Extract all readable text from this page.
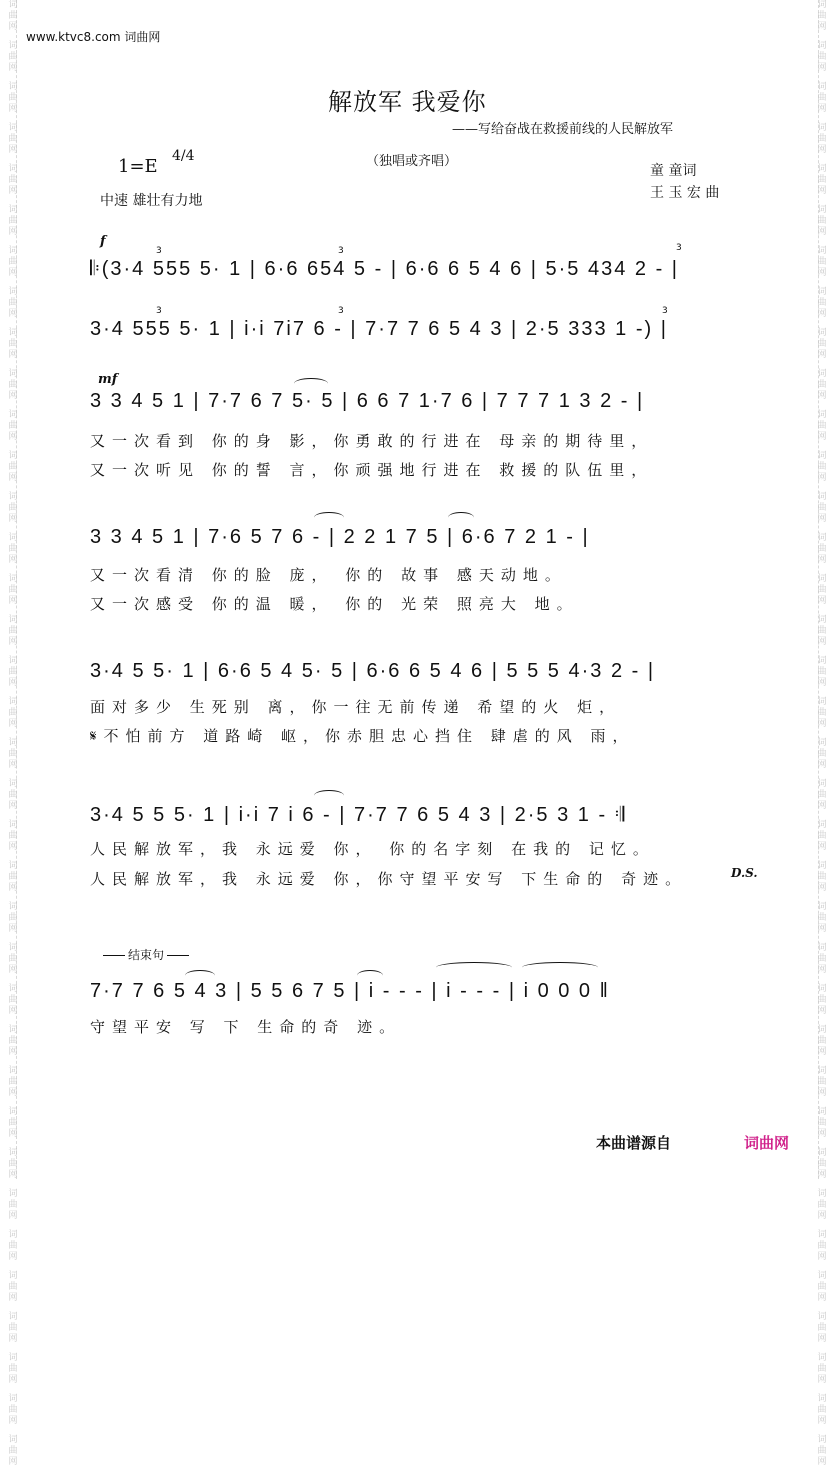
词
曲
网
词
曲
网
词
曲
网
词
曲
网
词
曲
网
词
曲
网
词
曲
网
词
曲
网
词
曲
网
词
曲
网
词
曲
网
词
曲
网
词
曲
网
词
曲
网
词
曲
网
词
曲
网
词
曲
网
词
曲
网
词
曲
网
词
曲
网
词
曲
网
词
曲
网
词
曲
网
词
曲
网
词
曲
网
词
曲
网
词
曲
网
词
曲
网
词
曲
网
词
曲
网
词
曲
网
词
曲
网
词
曲
网
词
曲
网
词
曲
网
词
曲
网
词
曲
网
词
曲
网
词
曲
网
词
曲
网
词
曲
网
词
曲
网
词
曲
网
词
曲
网
词
曲
网
词
曲
网
词
曲
网
词
曲
网
词
曲
网
词
曲
网
词
曲
网
词
曲
网
词
曲
网
词
曲
网
词
曲
网
词
曲
网
词
曲
网
词
曲
网
词
曲
网
词
曲
网
词
曲
网
词
曲
网
词
曲
网
词
曲
网
词
曲
网
词
曲
网
词
曲
网
词
曲
网
词
曲
网
词
曲
网
词
曲
网
词
曲
网
www.ktvc8.com 词曲网
解放军 我爱你
——写给奋战在救援前线的人民解放军
1=E 4/4	（独唱或齐唱）
中速 雄壮有力地
童 童词
王 玉 宏 曲
f
mf
3	3	3
3	3	3
𝄆(3·4 555 5· 1 | 6·6 654 5 - | 6·6 6 5 4 6 | 5·5 434 2 - |
3·4 555 5· 1 | i·i 7i7 6 - | 7·7 7 6 5 4 3 | 2·5 333 1 -) |
3 3 4 5 1 | 7·7 6 7 5· 5 | 6 6 7 1·7 6 | 7 7 7 1 3 2 - |
又一次看到 你的身 影，你勇敢的行进在 母亲的期待里，
又一次听见 你的誓 言，你顽强地行进在 救援的队伍里，
3 3 4 5 1 | 7·6 5 7 6 - | 2 2 1 7 5 | 6·6 7 2 1 - |
又一次看清 你的脸 庞， 你的 故事 感天动地。
又一次感受 你的温 暖， 你的 光荣 照亮大 地。
3·4 5 5· 1 | 6·6 5 4 5· 5 | 6·6 6 5 4 6 | 5 5 5 4·3 2 - |
面对多少 生死别 离，你一往无前传递 希望的火 炬，
𝄋不怕前方 道路崎 岖，你赤胆忠心挡住 肆虐的风 雨，
3·4 5 5 5· 1 | i·i 7 i 6 - | 7·7 7 6 5 4 3 | 2·5 3 1 - 𝄇
人民解放军，我 永远爱 你， 你的名字刻 在我的 记忆。
人民解放军，我 永远爱 你，你守望平安写 下生命的 奇迹。	D.S.
结束句
7·7 7 6 5 4 3 | 5 5 6 7 5 | i - - - | i - - - | i 0 0 0 ‖
守望平安 写 下 生命的奇 迹。
本曲谱源自	词曲网
